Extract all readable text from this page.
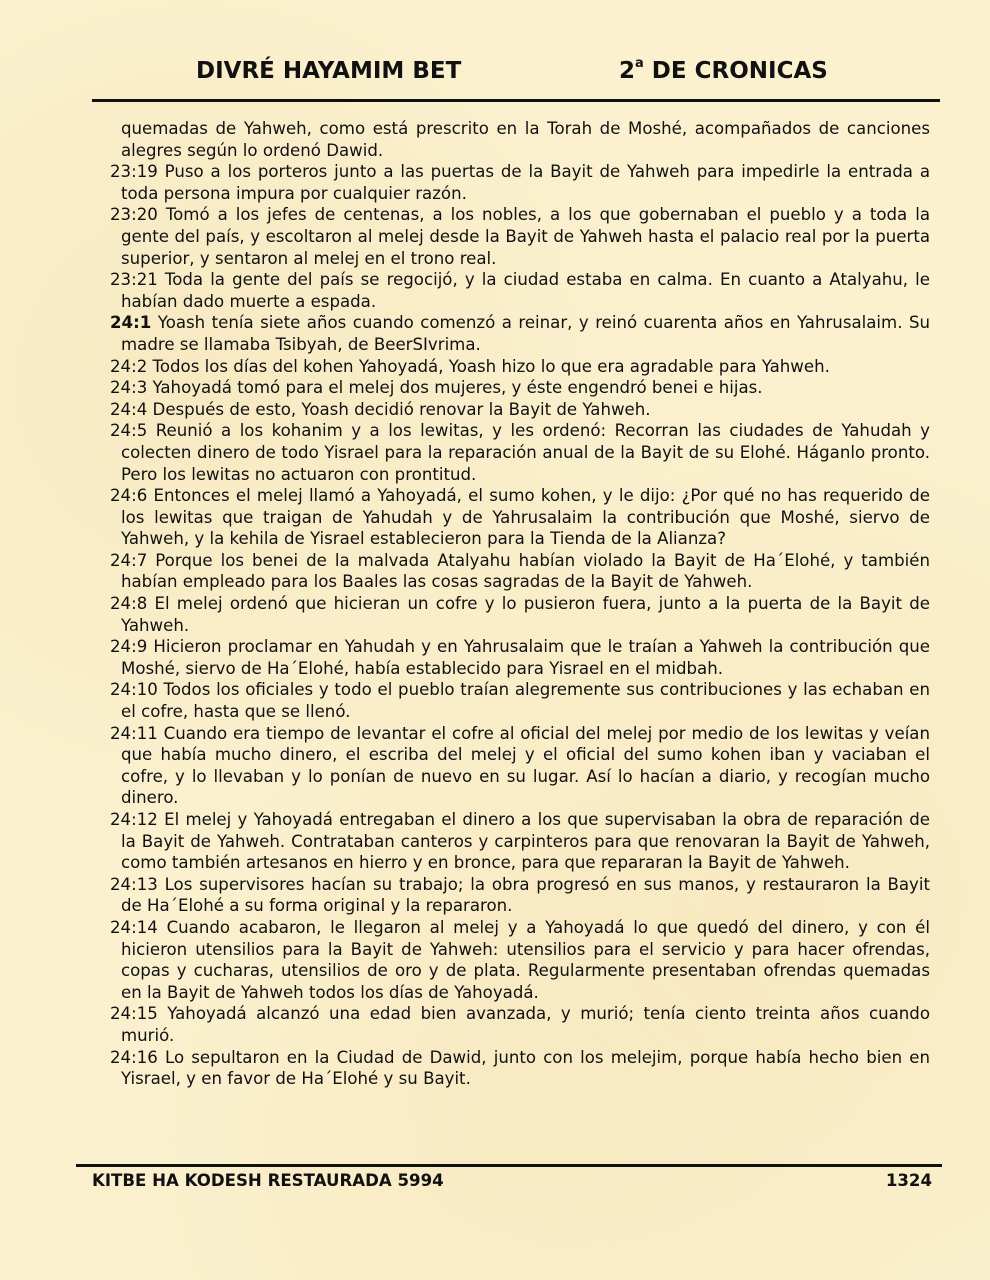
DIVRÉ HAYAMIM BET	2$^a$ DE CRONICAS

quemadas de Yahweh, como está prescrito en la Torah de Moshé, acompañados de canciones alegres según lo ordenó Dawid.

23:19 Puso a los porteros junto a las puertas de la Bayit de Yahweh para impedirle la entrada a toda persona impura por cualquier razón.

23:20 Tomó a los jefes de centenas, a los nobles, a los que gobernaban el pueblo y a toda la gente del país, y escoltaron al melej desde la Bayit de Yahweh hasta el palacio real por la puerta superior, y sentaron al melej en el trono real.

23:21 Toda la gente del país se regocijó, y la ciudad estaba en calma. En cuanto a Atalyahu, le habían dado muerte a espada.

24:1 Yoash tenía siete años cuando comenzó a reinar, y reinó cuarenta años en Yahrusalaim. Su madre se llamaba Tsibyah, de BeerSIvrima.

24:2 Todos los días del kohen Yahoyadá, Yoash hizo lo que era agradable para Yahweh.

24:3 Yahoyadá tomó para el melej dos mujeres, y éste engendró benei e hijas.

24:4 Después de esto, Yoash decidió renovar la Bayit de Yahweh.

24:5 Reunió a los kohanim y a los lewitas, y les ordenó: Recorran las ciudades de Yahudah y colecten dinero de todo Yisrael para la reparación anual de la Bayit de su Elohé. Háganlo pronto. Pero los lewitas no actuaron con prontitud.

24:6 Entonces el melej llamó a Yahoyadá, el sumo kohen, y le dijo: ¿Por qué no has requerido de los lewitas que traigan de Yahudah y de Yahrusalaim la contribución que Moshé, siervo de Yahweh, y la kehila de Yisrael establecieron para la Tienda de la Alianza?

24:7 Porque los benei de la malvada Atalyahu habían violado la Bayit de Ha´Elohé, y también habían empleado para los Baales las cosas sagradas de la Bayit de Yahweh.

24:8 El melej ordenó que hicieran un cofre y lo pusieron fuera, junto a la puerta de la Bayit de Yahweh.

24:9 Hicieron proclamar en Yahudah y en Yahrusalaim que le traían a Yahweh la contribución que Moshé, siervo de Ha´Elohé, había establecido para Yisrael en el midbah.

24:10 Todos los oficiales y todo el pueblo traían alegremente sus contribuciones y las echaban en el cofre, hasta que se llenó.

24:11 Cuando era tiempo de levantar el cofre al oficial del melej por medio de los lewitas y veían que había mucho dinero, el escriba del melej y el oficial del sumo kohen iban y vaciaban el cofre, y lo llevaban y lo ponían de nuevo en su lugar. Así lo hacían a diario, y recogían mucho dinero.

24:12 El melej y Yahoyadá entregaban el dinero a los que supervisaban la obra de reparación de la Bayit de Yahweh. Contrataban canteros y carpinteros para que renovaran la Bayit de Yahweh, como también artesanos en hierro y en bronce, para que repararan la Bayit de Yahweh.

24:13 Los supervisores hacían su trabajo; la obra progresó en sus manos, y restauraron la Bayit de Ha´Elohé a su forma original y la repararon.

24:14 Cuando acabaron, le llegaron al melej y a Yahoyadá lo que quedó del dinero, y con él hicieron utensilios para la Bayit de Yahweh: utensilios para el servicio y para hacer ofrendas, copas y cucharas, utensilios de oro y de plata. Regularmente presentaban ofrendas quemadas en la Bayit de Yahweh todos los días de Yahoyadá.

24:15 Yahoyadá alcanzó una edad bien avanzada, y murió; tenía ciento treinta años cuando murió.

24:16 Lo sepultaron en la Ciudad de Dawid, junto con los melejim, porque había hecho bien en Yisrael, y en favor de Ha´Elohé y su Bayit.

KITBE HA KODESH RESTAURADA 5994	1324
